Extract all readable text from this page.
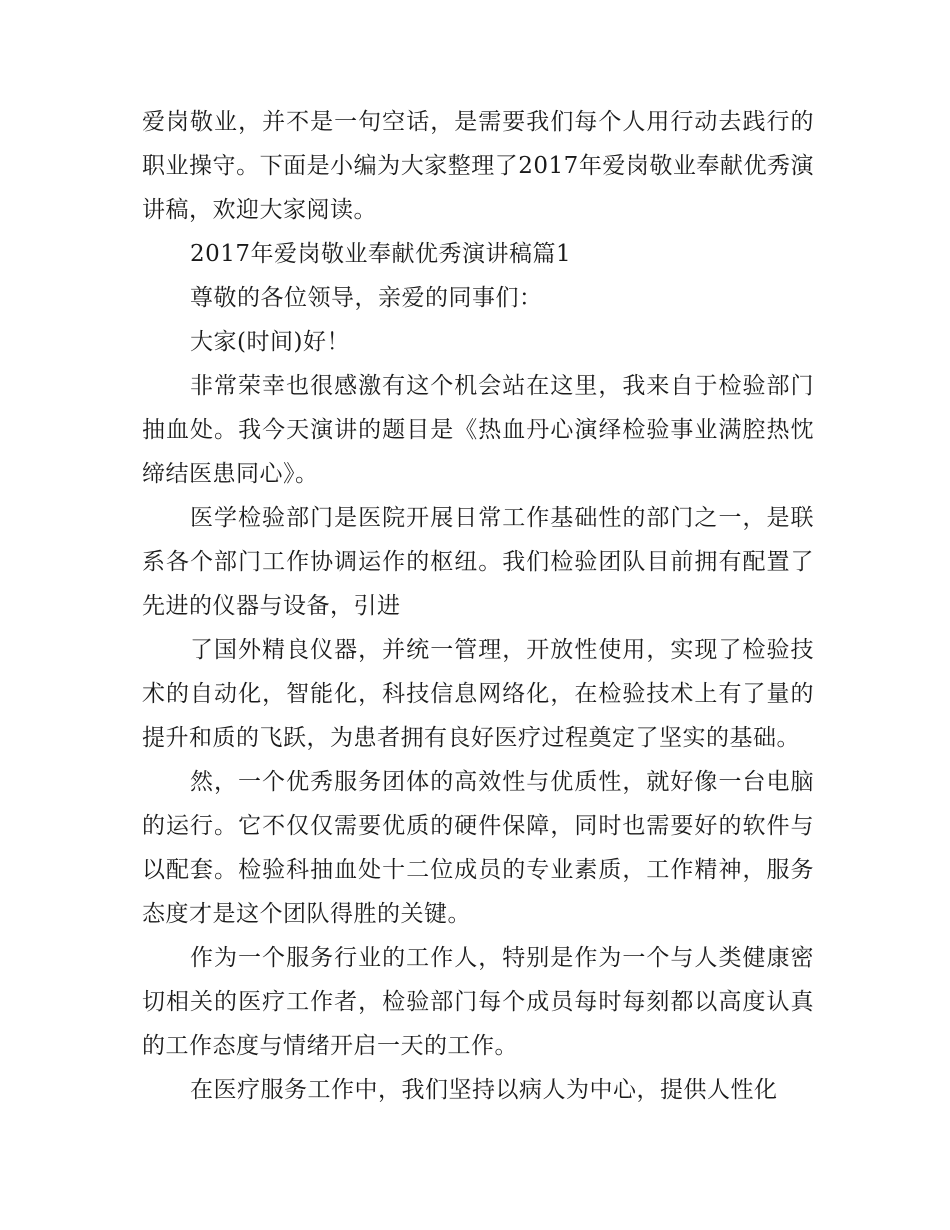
爱岗敬业，并不是一句空话，是需要我们每个人用行动去践行的职业操守。下面是小编为大家整理了2017年爱岗敬业奉献优秀演讲稿，欢迎大家阅读。

2017年爱岗敬业奉献优秀演讲稿篇1

尊敬的各位领导，亲爱的同事们：

大家(时间)好！

非常荣幸也很感激有这个机会站在这里，我来自于检验部门抽血处。我今天演讲的题目是《热血丹心演绎检验事业满腔热忱缔结医患同心》。

医学检验部门是医院开展日常工作基础性的部门之一，是联系各个部门工作协调运作的枢纽。我们检验团队目前拥有配置了先进的仪器与设备，引进

了国外精良仪器，并统一管理，开放性使用，实现了检验技术的自动化，智能化，科技信息网络化，在检验技术上有了量的提升和质的飞跃，为患者拥有良好医疗过程奠定了坚实的基础。

然，一个优秀服务团体的高效性与优质性，就好像一台电脑的运行。它不仅仅需要优质的硬件保障，同时也需要好的软件与以配套。检验科抽血处十二位成员的专业素质，工作精神，服务态度才是这个团队得胜的关键。

作为一个服务行业的工作人，特别是作为一个与人类健康密切相关的医疗工作者，检验部门每个成员每时每刻都以高度认真的工作态度与情绪开启一天的工作。

在医疗服务工作中，我们坚持以病人为中心，提供人性化
